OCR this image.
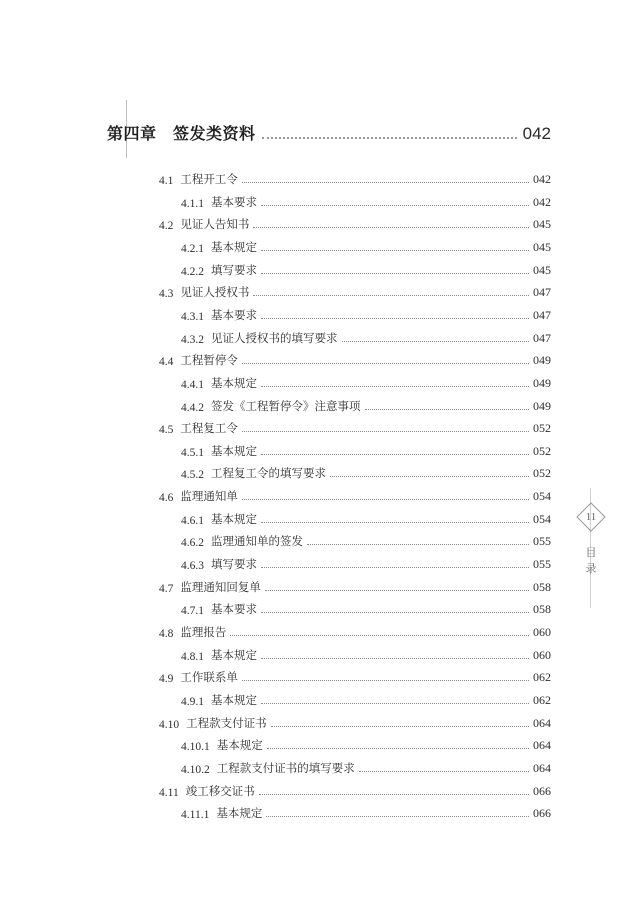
第四章　签发类资料	042
4.1 工程开工令	042
4.1.1 基本要求	042
4.2 见证人告知书	045
4.2.1 基本规定	045
4.2.2 填写要求	045
4.3 见证人授权书	047
4.3.1 基本要求	047
4.3.2 见证人授权书的填写要求	047
4.4 工程暂停令	049
4.4.1 基本规定	049
4.4.2 签发《工程暂停令》注意事项	049
4.5 工程复工令	052
4.5.1 基本规定	052
4.5.2 工程复工令的填写要求	052
4.6 监理通知单	054
4.6.1 基本规定	054
4.6.2 监理通知单的签发	055
4.6.3 填写要求	055
4.7 监理通知回复单	058
4.7.1 基本要求	058
4.8 监理报告	060
4.8.1 基本规定	060
4.9 工作联系单	062
4.9.1 基本规定	062
4.10 工程款支付证书	064
4.10.1 基本规定	064
4.10.2 工程款支付证书的填写要求	064
4.11 竣工移交证书	066
4.11.1 基本规定	066
11
目
录
